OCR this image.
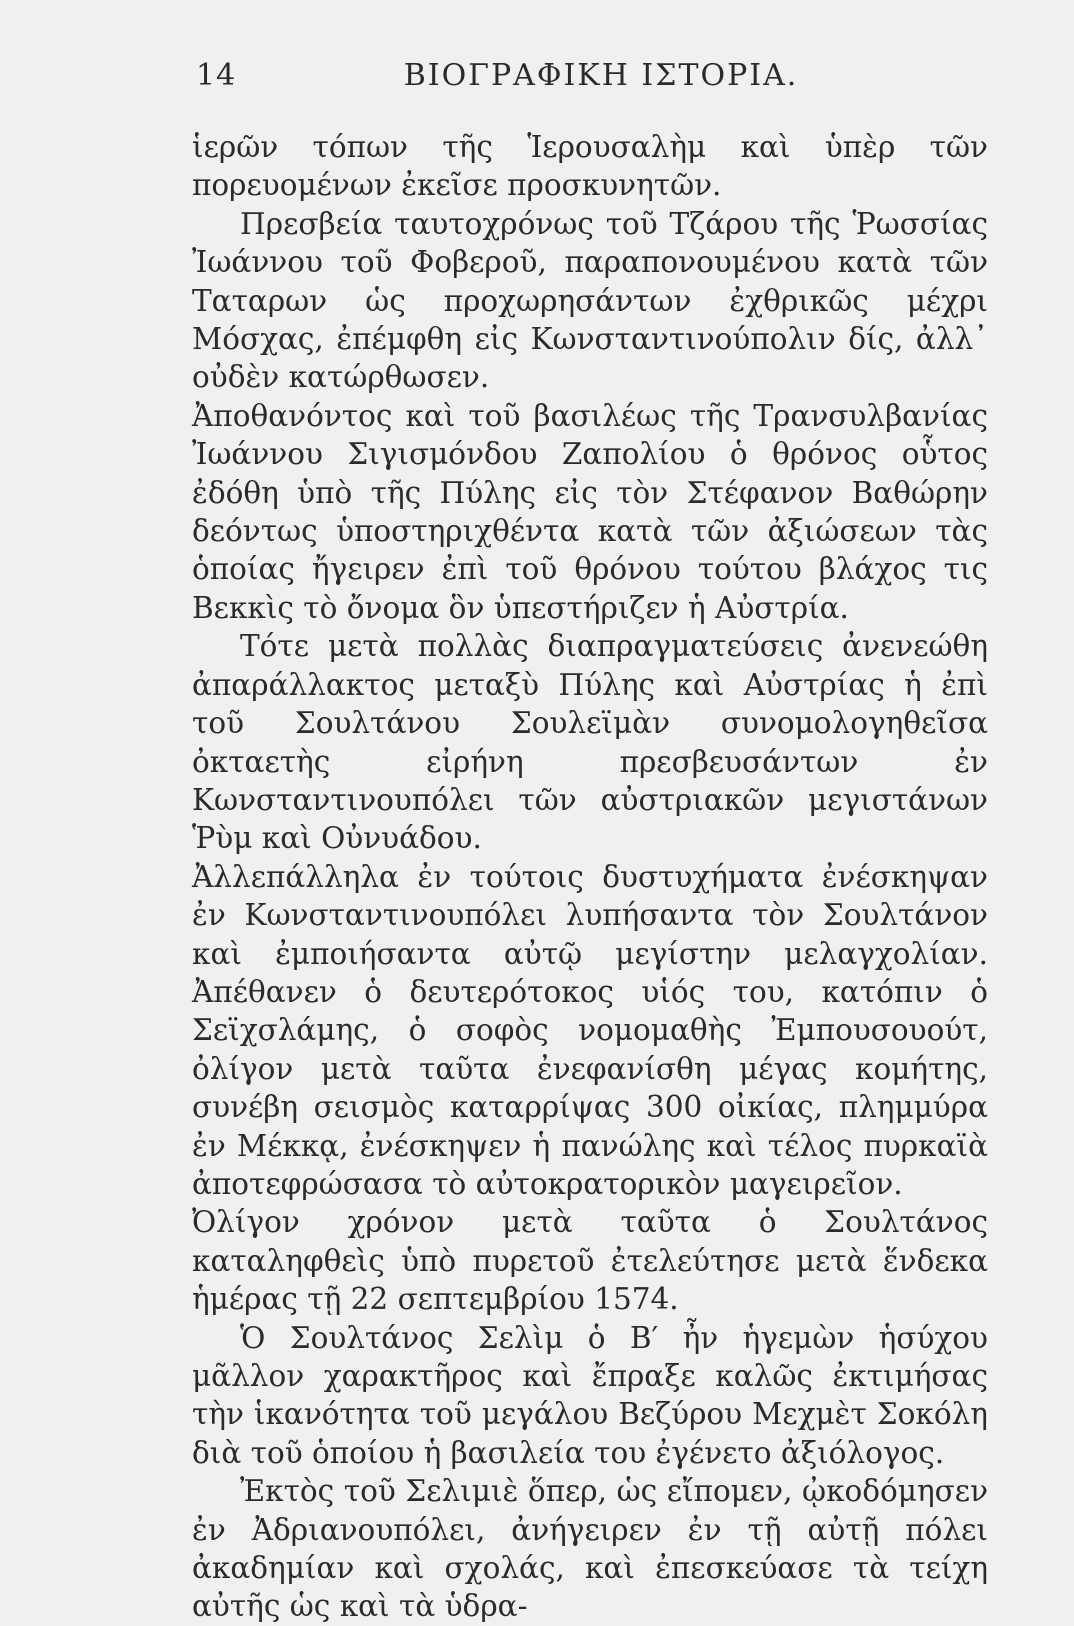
14	ΒΙΟΓΡΑΦΙΚΗ ΙΣΤΟΡΙΑ.

ἱερῶν τόπων τῆς Ἱερουσαλὴμ καὶ ὑπὲρ τῶν πορευομένων ἐκεῖσε προσκυνητῶν.

Πρεσβεία ταυτοχρόνως τοῦ Τζάρου τῆς Ῥωσσίας Ἰωάννου τοῦ Φοβεροῦ, παραπονουμένου κατὰ τῶν Ταταρων ὡς προχωρησάντων ἐχθρικῶς μέχρι Μόσχας, ἐπέμφθη εἰς Κωνσταντινούπολιν δίς, ἀλλ᾽ οὐδὲν κατώρθωσεν.

Ἀποθανόντος καὶ τοῦ βασιλέως τῆς Τρανσυλβανίας Ἰωάννου Σιγισμόνδου Ζαπολίου ὁ θρόνος οὗτος ἐδόθη ὑπὸ τῆς Πύλης εἰς τὸν Στέφανον Βαθώρην δεόντως ὑποστηριχθέντα κατὰ τῶν ἀξιώσεων τὰς ὁποίας ἤγειρεν ἐπὶ τοῦ θρόνου τούτου βλάχος τις Βεκκὶς τὸ ὄνομα ὃν ὑπεστήριζεν ἡ Αὐστρία.

Τότε μετὰ πολλὰς διαπραγματεύσεις ἀνενεώθη ἀπαράλλακτος μεταξὺ Πύλης καὶ Αὐστρίας ἡ ἐπὶ τοῦ Σουλτάνου Σουλεϊμὰν συνομολογηθεῖσα ὀκταετὴς εἰρήνη πρεσβευσάντων ἐν Κωνσταντινουπόλει τῶν αὐστριακῶν μεγιστάνων Ῥὺμ καὶ Οὐνυάδου.

Ἀλλεπάλληλα ἐν τούτοις δυστυχήματα ἐνέσκηψαν ἐν Κωνσταντινουπόλει λυπήσαντα τὸν Σουλτάνον καὶ ἐμποιήσαντα αὐτῷ μεγίστην μελαγχολίαν. Ἀπέθανεν ὁ δευτερότοκος υἱός του, κατόπιν ὁ Σεϊχσλάμης, ὁ σοφὸς νομομαθὴς Ἐμπουσουούτ, ὀλίγον μετὰ ταῦτα ἐνεφανίσθη μέγας κομήτης, συνέβη σεισμὸς καταρρίψας 300 οἰκίας, πλημμύρα ἐν Μέκκᾳ, ἐνέσκηψεν ἡ πανώλης καὶ τέλος πυρκαϊὰ ἀποτεφρώσασα τὸ αὐτοκρατορικὸν μαγειρεῖον.

Ὀλίγον χρόνον μετὰ ταῦτα ὁ Σουλτάνος καταληφθεὶς ὑπὸ πυρετοῦ ἐτελεύτησε μετὰ ἕνδεκα ἡμέρας τῇ 22 σεπτεμβρίου 1574.

Ὁ Σουλτάνος Σελὶμ ὁ Β′ ἦν ἡγεμὼν ἡσύχου μᾶλλον χαρακτῆρος καὶ ἔπραξε καλῶς ἐκτιμήσας τὴν ἱκανότητα τοῦ μεγάλου Βεζύρου Μεχμὲτ Σοκόλη διὰ τοῦ ὁποίου ἡ βασιλεία του ἐγένετο ἀξιόλογος.

Ἐκτὸς τοῦ Σελιμιὲ ὅπερ, ὡς εἴπομεν, ᾠκοδόμησεν ἐν Ἀδριανουπόλει, ἀνήγειρεν ἐν τῇ αὐτῇ πόλει ἀκαδημίαν καὶ σχολάς, καὶ ἐπεσκεύασε τὰ τείχη αὐτῆς ὡς καὶ τὰ ὑδρα-
